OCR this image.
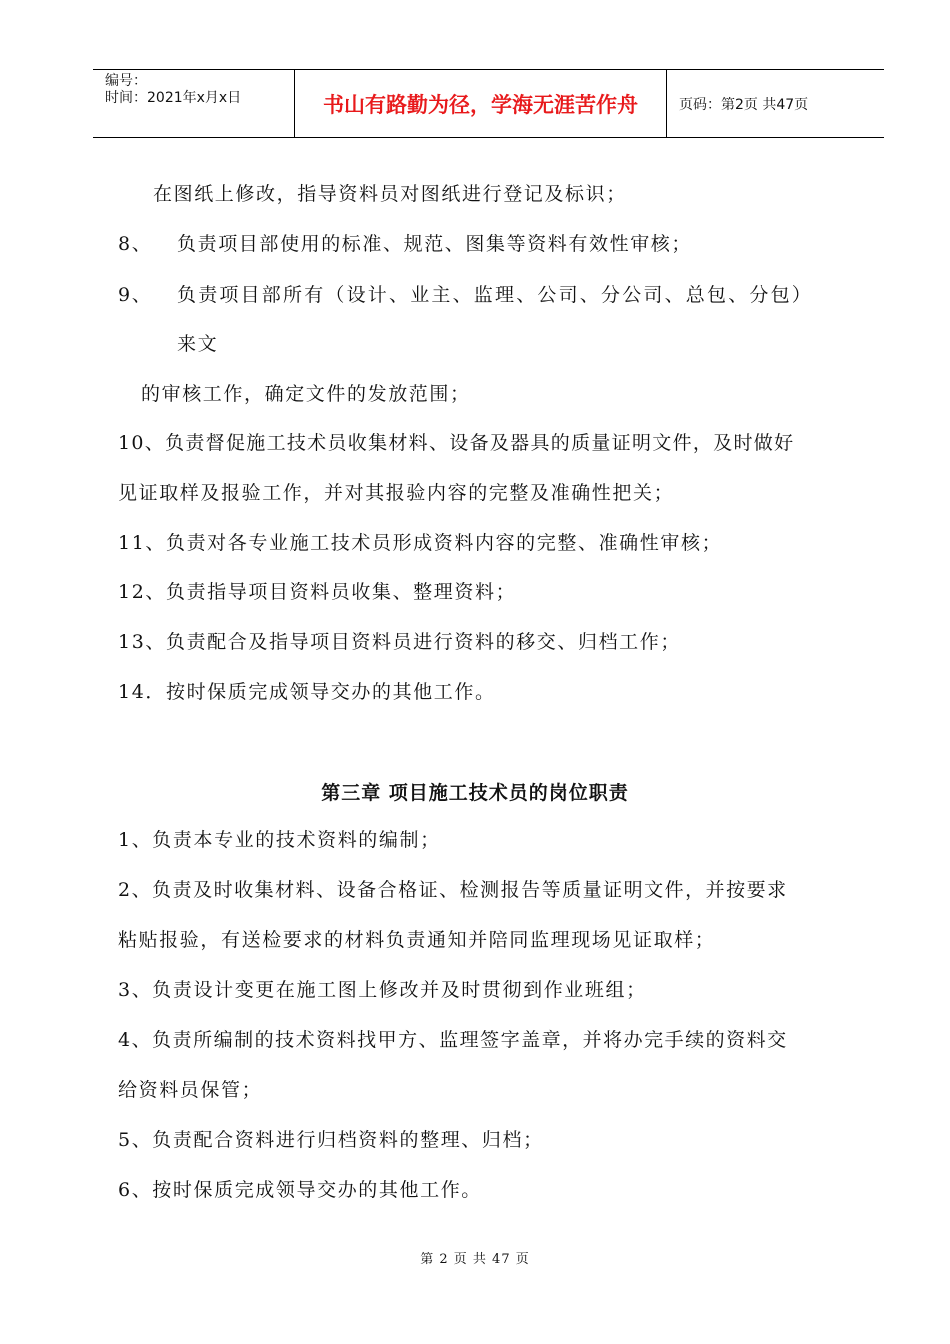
编号：
时间：2021年x月x日	书山有路勤为径，学海无涯苦作舟	页码：第2页 共47页
在图纸上修改，指导资料员对图纸进行登记及标识；
8、 负责项目部使用的标准、规范、图集等资料有效性审核；
9、 负责项目部所有（设计、业主、监理、公司、分公司、总包、分包）
来文
的审核工作，确定文件的发放范围；
10、负责督促施工技术员收集材料、设备及器具的质量证明文件，及时做好
见证取样及报验工作，并对其报验内容的完整及准确性把关；
11、负责对各专业施工技术员形成资料内容的完整、准确性审核；
12、负责指导项目资料员收集、整理资料；
13、负责配合及指导项目资料员进行资料的移交、归档工作；
14．按时保质完成领导交办的其他工作。
第三章 项目施工技术员的岗位职责
1、负责本专业的技术资料的编制；
2、负责及时收集材料、设备合格证、检测报告等质量证明文件，并按要求
粘贴报验，有送检要求的材料负责通知并陪同监理现场见证取样；
3、负责设计变更在施工图上修改并及时贯彻到作业班组；
4、负责所编制的技术资料找甲方、监理签字盖章，并将办完手续的资料交
给资料员保管；
5、负责配合资料进行归档资料的整理、归档；
6、按时保质完成领导交办的其他工作。
第 2 页 共 47 页
